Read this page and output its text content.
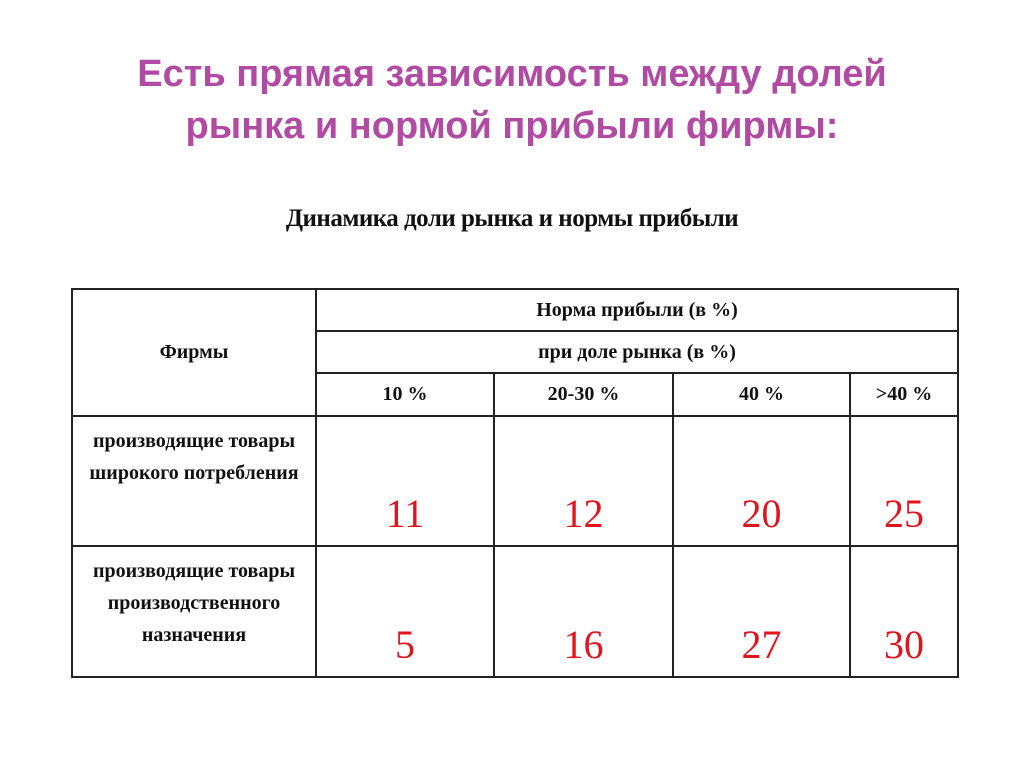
Есть прямая зависимость между долей
рынка и нормой прибыли фирмы:
Динамика доли рынка и нормы прибыли
Фирмы	Норма прибыли (в %)			
	при доле рынка (в %)			
	10 %	20-30 %	40 %	>40 %
производящие товары широкого потребления	11	12	20	25
производящие товары производственного назначения	5	16	27	30
